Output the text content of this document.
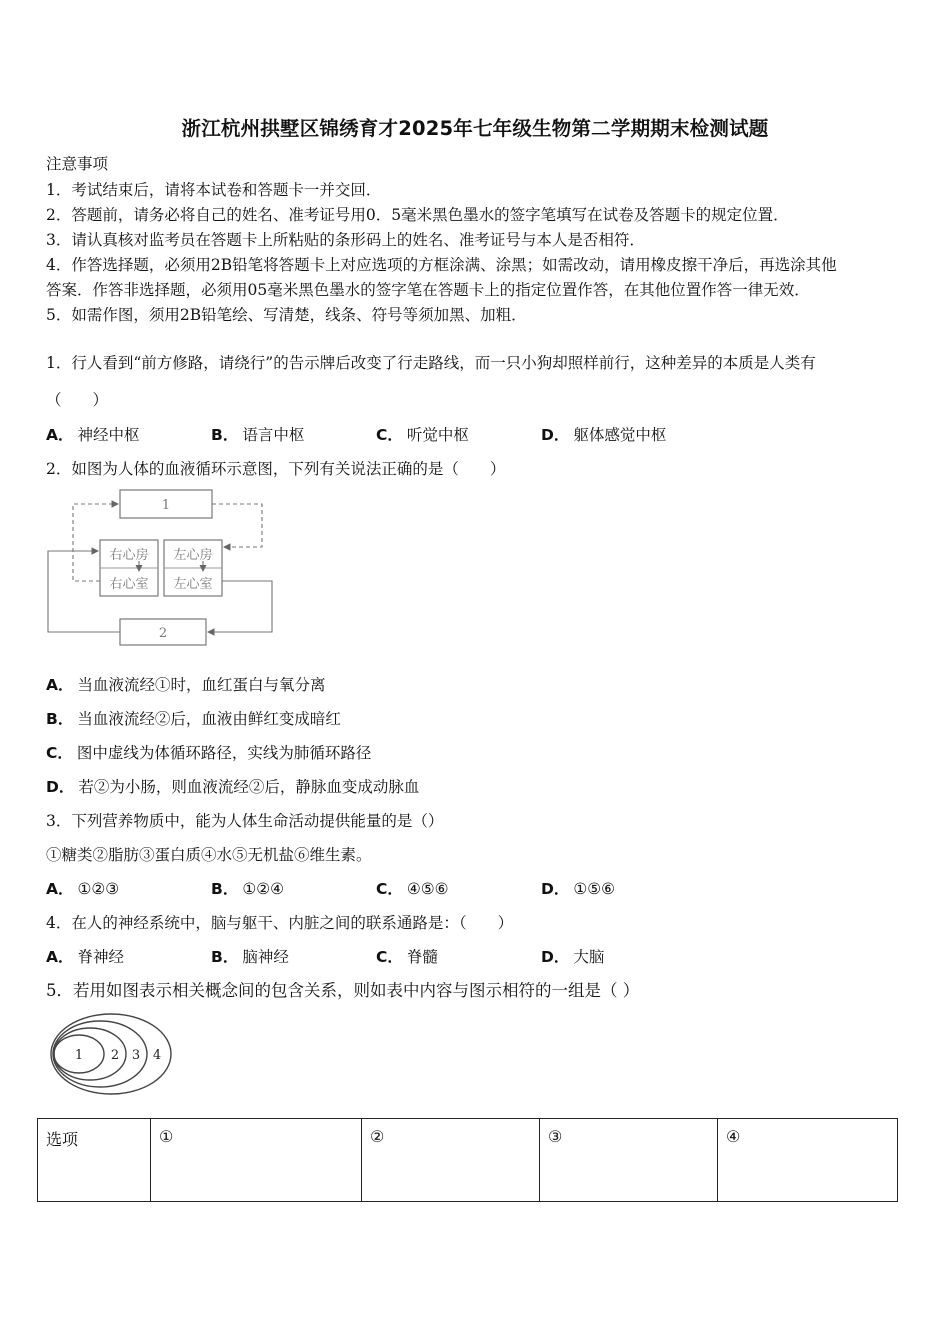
浙江杭州拱墅区锦绣育才2025年七年级生物第二学期期末检测试题
注意事项
1．考试结束后，请将本试卷和答题卡一并交回．
2．答题前，请务必将自己的姓名、准考证号用0．5毫米黑色墨水的签字笔填写在试卷及答题卡的规定位置．
3．请认真核对监考员在答题卡上所粘贴的条形码上的姓名、准考证号与本人是否相符．
4．作答选择题，必须用2B铅笔将答题卡上对应选项的方框涂满、涂黑；如需改动，请用橡皮擦干净后，再选涂其他
答案．作答非选择题，必须用05毫米黑色墨水的签字笔在答题卡上的指定位置作答，在其他位置作答一律无效．
5．如需作图，须用2B铅笔绘、写清楚，线条、符号等须加黑、加粗．
1．行人看到“前方修路，请绕行”的告示牌后改变了行走路线，而一只小狗却照样前行，这种差异的本质是人类有
（　　）
A． 神经中枢	B． 语言中枢	C． 听觉中枢	D． 躯体感觉中枢
2．如图为人体的血液循环示意图，下列有关说法正确的是（　　）
1
右心房 左心房
右心室 左心室
2
A． 当血液流经①时，血红蛋白与氧分离
B． 当血液流经②后，血液由鲜红变成暗红
C． 图中虚线为体循环路径，实线为肺循环路径
D． 若②为小肠，则血液流经②后，静脉血变成动脉血
3．下列营养物质中，能为人体生命活动提供能量的是（）
①糖类②脂肪③蛋白质④水⑤无机盐⑥维生素。
A． ①②③	B． ①②④	C． ④⑤⑥	D． ①⑤⑥
4．在人的神经系统中，脑与躯干、内脏之间的联系通路是：（　　）
A． 脊神经	B． 脑神经	C． 脊髓	D． 大脑
5．若用如图表示相关概念间的包含关系，则如表中内容与图示相符的一组是（ ）
1 2 3 4
选项	①	②	③	④
